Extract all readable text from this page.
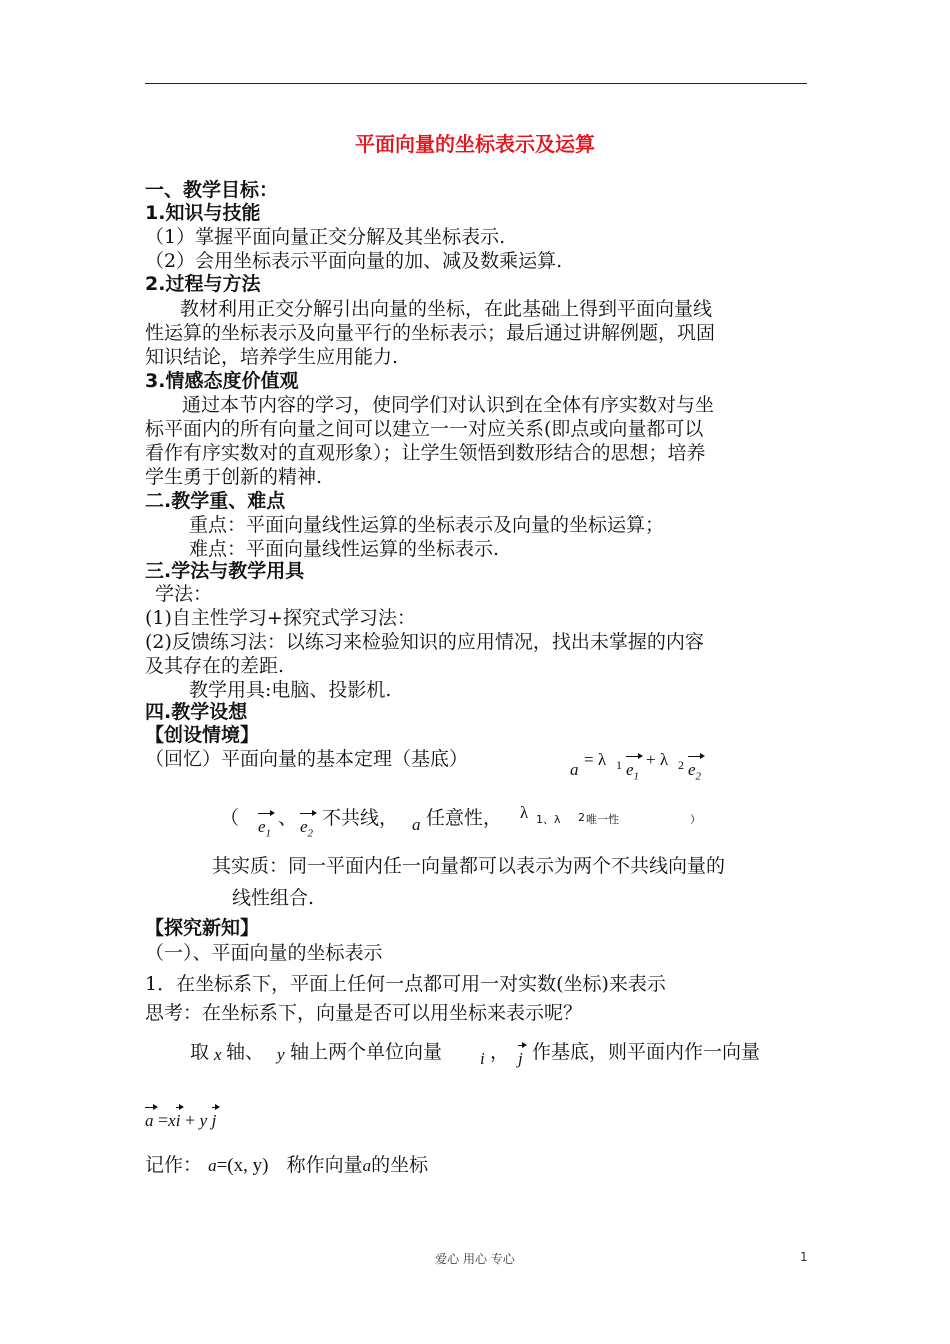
平面向量的坐标表示及运算
一、教学目标：
1.知识与技能
（1）掌握平面向量正交分解及其坐标表示.
（2）会用坐标表示平面向量的加、减及数乘运算.
2.过程与方法
教材利用正交分解引出向量的坐标，在此基础上得到平面向量线
性运算的坐标表示及向量平行的坐标表示；最后通过讲解例题，巩固
知识结论，培养学生应用能力.
3.情感态度价值观
通过本节内容的学习，使同学们对认识到在全体有序实数对与坐
标平面内的所有向量之间可以建立一一对应关系(即点或向量都可以
看作有序实数对的直观形象）；让学生领悟到数形结合的思想；培养
学生勇于创新的精神.
二.教学重、难点
重点：平面向量线性运算的坐标表示及向量的坐标运算；
难点：平面向量线性运算的坐标表示.
三.学法与教学用具
学法：
(1)自主性学习+探究式学习法：
(2)反馈练习法：以练习来检验知识的应用情况，找出未掌握的内容
及其存在的差距.
教学用具:电脑、投影机.
四.教学设想
【创设情境】
（回忆）平面向量的基本定理（基底）	a
= λ 1 $e_1$
+ λ 2 $e_2$
（ $e_1$
、 $e_2$
不共线， a 任意性， λ 1、λ 2 唯一性	）
其实质：同一平面内任一向量都可以表示为两个不共线向量的
线性组合.
【探究新知】
（一）、平面向量的坐标表示
1．在坐标系下，平面上任何一点都可用一对实数(坐标)来表示
思考：在坐标系下，向量是否可以用坐标来表示呢？
取 x 轴、 y 轴上两个单位向量 i ， j 作基底，则平面内作一向量
a =xi + y j
记作： a=(x, y) 称作向量a的坐标
爱心 用心 专心	1
